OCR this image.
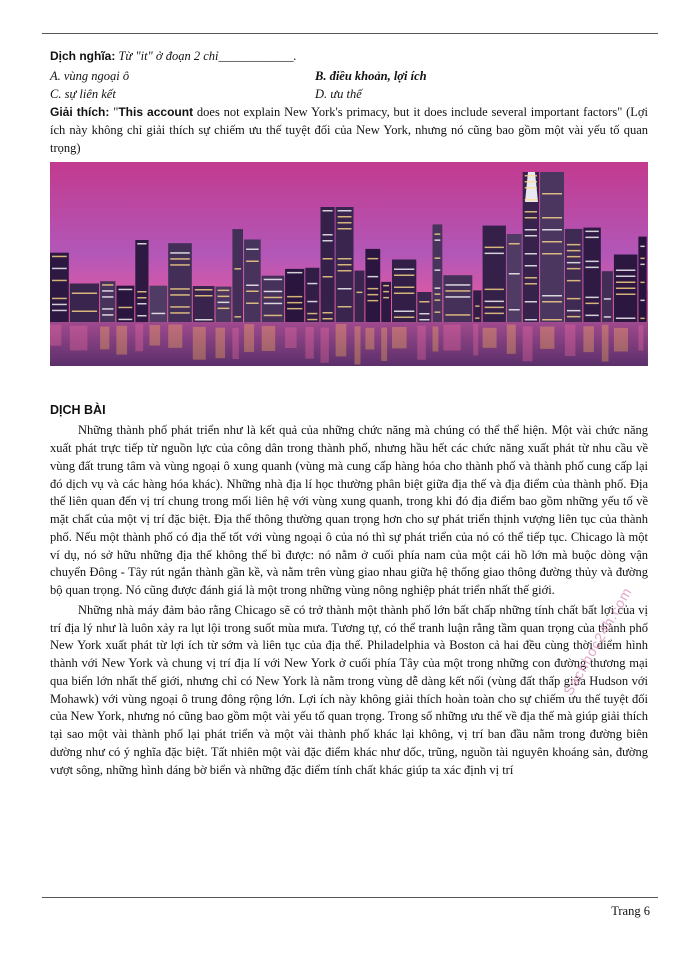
Dịch nghĩa: Từ "it" ở đoạn 2 chỉ____________.

A. vùng ngoại ô	B. điều khoản, lợi ích
C. sự liên kết	D. ưu thế

Giải thích: "This account does not explain New York's primacy, but it does include several important factors" (Lợi ích này không chỉ giải thích sự chiếm ưu thế tuyệt đối của New York, nhưng nó cũng bao gồm một vài yếu tố quan trọng)

DỊCH BÀI

Những thành phố phát triển như là kết quả của những chức năng mà chúng có thể thể hiện. Một vài chức năng xuất phát trực tiếp từ nguồn lực của công dân trong thành phố, nhưng hầu hết các chức năng xuất phát từ nhu cầu về vùng đất trung tâm và vùng ngoại ô xung quanh (vùng mà cung cấp hàng hóa cho thành phố và thành phố cung cấp lại đó dịch vụ và các hàng hóa khác). Những nhà địa lí học thường phân biệt giữa địa thế và địa điểm của thành phố. Địa thế liên quan đến vị trí chung trong mối liên hệ với vùng xung quanh, trong khi đó địa điểm bao gồm những yếu tố về mặt chất của một vị trí đặc biệt. Địa thế thông thường quan trọng hơn cho sự phát triển thịnh vượng liên tục của thành phố. Nếu một thành phố có địa thế tốt với vùng ngoại ô của nó thì sự phát triển của nó có thể tiếp tục. Chicago là một ví dụ, nó sở hữu những địa thế không thể bì được: nó nằm ở cuối phía nam của một cái hồ lớn mà buộc dòng vận chuyển Đông - Tây rút ngắn thành gần kề, và nằm trên vùng giao nhau giữa hệ thống giao thông đường thủy và đường bộ quan trọng. Nó cũng được đánh giá là một trong những vùng nông nghiệp phát triển nhất thế giới.

Những nhà máy đảm bảo rằng Chicago sẽ có trở thành một thành phố lớn bất chấp những tính chất bất lợi của vị trí địa lý như là luôn xảy ra lụt lội trong suốt mùa mưa. Tương tự, có thể tranh luận rằng tầm quan trọng của thành phố New York xuất phát từ lợi ích từ sớm và liên tục của địa thế. Philadelphia và Boston cả hai đều cùng thời điểm hình thành với New York và chung vị trí địa lí với New York ở cuối phía Tây của một trong những con đường thương mại qua biển lớn nhất thế giới, nhưng chỉ có New York là nằm trong vùng dễ dàng kết nối (vùng đất thấp giữa Hudson với Mohawk) với vùng ngoại ô trung đông rộng lớn. Lợi ích này không giải thích hoàn toàn cho sự chiếm ưu thế tuyệt đối của New York, nhưng nó cũng bao gồm một vài yếu tố quan trọng. Trong số những ưu thế về địa thế mà giúp giải thích tại sao một vài thành phố lại phát triển và một vài thành phố khác lại không, vị trí ban đầu nằm trong đường biên dường như có ý nghĩa đặc biệt. Tất nhiên một vài đặc điểm khác như dốc, trũng, nguồn tài nguyên khoáng sản, đường vượt sông, những hình dáng bờ biển và những đặc điểm tính chất khác giúp ta xác định vị trí

Sachhoc24h.com
Trang 6
